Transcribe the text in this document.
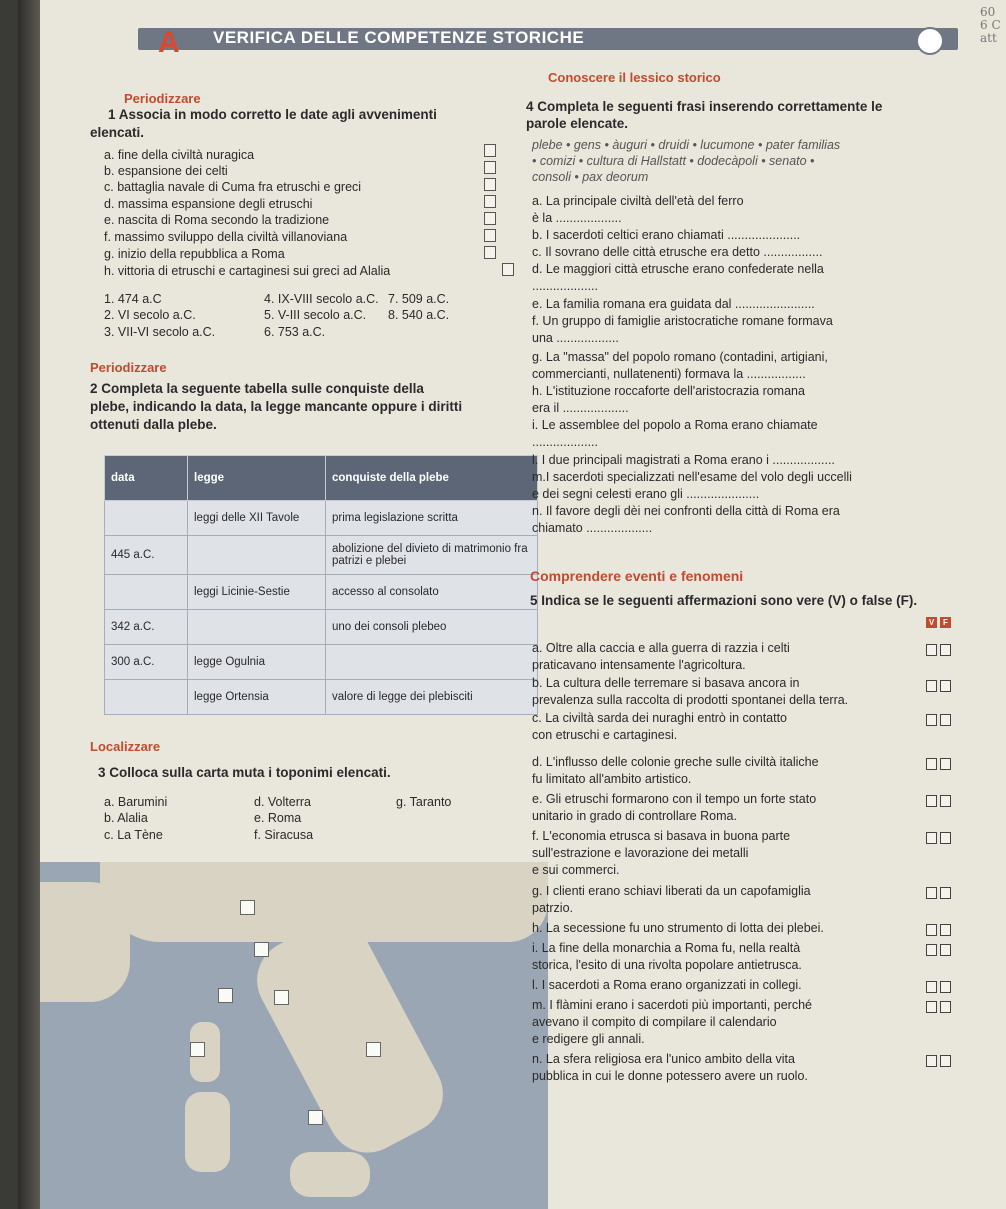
A VERIFICA DELLE COMPETENZE STORICHE
60
6 C
att
Periodizzare
1 Associa in modo corretto le date agli avvenimenti
elencati.
a. fine della civiltà nuragica
b. espansione dei celti
c. battaglia navale di Cuma fra etruschi e greci
d. massima espansione degli etruschi
e. nascita di Roma secondo la tradizione
f. massimo sviluppo della civiltà villanoviana
g. inizio della repubblica a Roma
h. vittoria di etruschi e cartaginesi sui greci ad Alalia
1. 474 a.C
2. VI secolo a.C.
3. VII-VI secolo a.C.
4. IX-VIII secolo a.C.
5. V-III secolo a.C.
6. 753 a.C.
7. 509 a.C.
8. 540 a.C.
Periodizzare
2 Completa la seguente tabella sulle conquiste della
plebe, indicando la data, la legge mancante oppure i diritti
ottenuti dalla plebe.
data	legge	conquiste della plebe
	leggi delle XII Tavole	prima legislazione scritta
445 a.C.		abolizione del divieto di matrimonio fra patrizi e plebei
	leggi Licinie-Sestie	accesso al consolato
342 a.C.		uno dei consoli plebeo
300 a.C.	legge Ogulnia	
	legge Ortensia	valore di legge dei plebisciti
Localizzare
3 Colloca sulla carta muta i toponimi elencati.
a. Barumini	d. Volterra	g. Taranto
b. Alalia	e. Roma
c. La Tène	f. Siracusa
Conoscere il lessico storico
4 Completa le seguenti frasi inserendo correttamente le
parole elencate.
plebe • gens • àuguri • druidi • lucumone • pater familias
• comizi • cultura di Hallstatt • dodecàpoli • senato •
consoli • pax deorum
a. La principale civiltà dell'età del ferro
è la ...................
b. I sacerdoti celtici erano chiamati .....................
c. Il sovrano delle città etrusche era detto .................
d. Le maggiori città etrusche erano confederate nella
...................
e. La familia romana era guidata dal .......................
f. Un gruppo di famiglie aristocratiche romane formava
una ..................
g. La "massa" del popolo romano (contadini, artigiani,
commercianti, nullatenenti) formava la .................
h. L'istituzione roccaforte dell'aristocrazia romana
era il ...................
i. Le assemblee del popolo a Roma erano chiamate
...................
l. I due principali magistrati a Roma erano i ..................
m.I sacerdoti specializzati nell'esame del volo degli uccelli
e dei segni celesti erano gli .....................
n. Il favore degli dèi nei confronti della città di Roma era
chiamato ...................
Comprendere eventi e fenomeni
5 Indica se le seguenti affermazioni sono vere (V) o false (F).
V	F
a. Oltre alla caccia e alla guerra di razzia i celti
praticavano intensamente l'agricoltura.
b. La cultura delle terremare si basava ancora in
prevalenza sulla raccolta di prodotti spontanei della terra.
c. La civiltà sarda dei nuraghi entrò in contatto
con etruschi e cartaginesi.
d. L'influsso delle colonie greche sulle civiltà italiche
fu limitato all'ambito artistico.
e. Gli etruschi formarono con il tempo un forte stato
unitario in grado di controllare Roma.
f. L'economia etrusca si basava in buona parte
sull'estrazione e lavorazione dei metalli
e sui commerci.
g. I clienti erano schiavi liberati da un capofamiglia
patrzio.
h. La secessione fu uno strumento di lotta dei plebei.
i. La fine della monarchia a Roma fu, nella realtà
storica, l'esito di una rivolta popolare antietrusca.
l. I sacerdoti a Roma erano organizzati in collegi.
m. I flàmini erano i sacerdoti più importanti, perché
avevano il compito di compilare il calendario
e redigere gli annali.
n. La sfera religiosa era l'unico ambito della vita
pubblica in cui le donne potessero avere un ruolo.
